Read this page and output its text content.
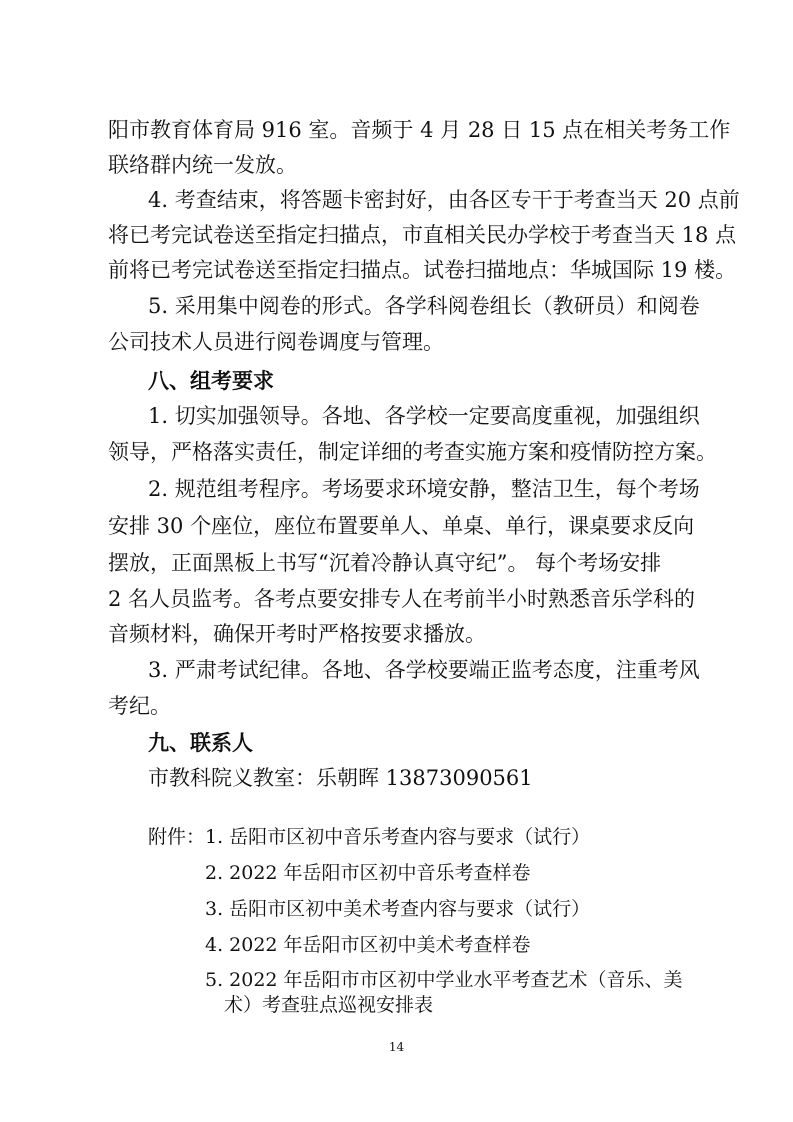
阳市教育体育局 916 室。音频于 4 月 28 日 15 点在相关考务工作
联络群内统一发放。
4. 考查结束，将答题卡密封好，由各区专干于考查当天 20 点前
将已考完试卷送至指定扫描点，市直相关民办学校于考查当天 18 点
前将已考完试卷送至指定扫描点。试卷扫描地点：华城国际 19 楼。
5. 采用集中阅卷的形式。各学科阅卷组长（教研员）和阅卷
公司技术人员进行阅卷调度与管理。
八、组考要求
1. 切实加强领导。各地、各学校一定要高度重视，加强组织
领导，严格落实责任，制定详细的考查实施方案和疫情防控方案。
2. 规范组考程序。考场要求环境安静，整洁卫生，每个考场
安排 30 个座位，座位布置要单人、单桌、单行，课桌要求反向
摆放，正面黑板上书写“沉着冷静认真守纪”。 每个考场安排
2 名人员监考。各考点要安排专人在考前半小时熟悉音乐学科的
音频材料，确保开考时严格按要求播放。
3. 严肃考试纪律。各地、各学校要端正监考态度，注重考风
考纪。
九、联系人
市教科院义教室：乐朝晖 13873090561
附件： 1. 岳阳市区初中音乐考查内容与要求（试行）
2. 2022 年岳阳市区初中音乐考查样卷
3. 岳阳市区初中美术考查内容与要求（试行）
4. 2022 年岳阳市区初中美术考查样卷
5. 2022 年岳阳市市区初中学业水平考查艺术（音乐、美
术）考查驻点巡视安排表
14
